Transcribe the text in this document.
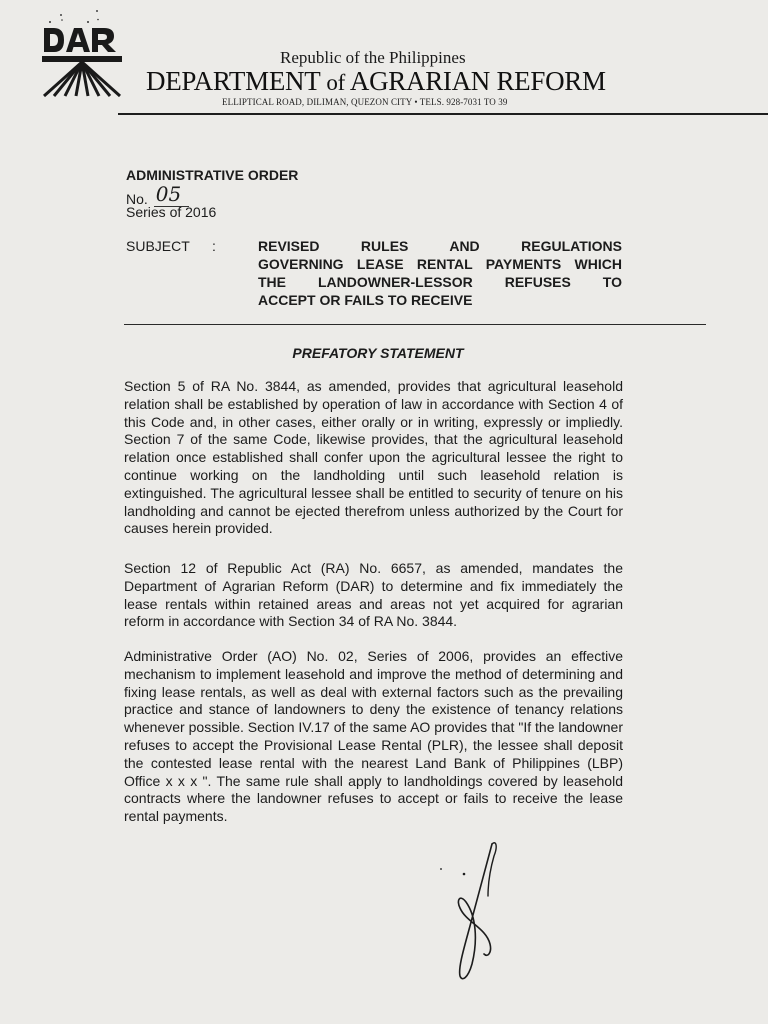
Republic of the Philippines
DEPARTMENT of AGRARIAN REFORM
ELLIPTICAL ROAD, DILIMAN, QUEZON CITY • TELS. 928-7031 TO 39
ADMINISTRATIVE ORDER
No. 05
Series of 2016
SUBJECT :	REVISED RULES AND REGULATIONS
GOVERNING LEASE RENTAL PAYMENTS WHICH
THE LANDOWNER-LESSOR REFUSES TO
ACCEPT OR FAILS TO RECEIVE
PREFATORY STATEMENT

Section 5 of RA No. 3844, as amended, provides that agricultural leasehold relation shall be established by operation of law in accordance with Section 4 of this Code and, in other cases, either orally or in writing, expressly or impliedly. Section 7 of the same Code, likewise provides, that the agricultural leasehold relation once established shall confer upon the agricultural lessee the right to continue working on the landholding until such leasehold relation is extinguished. The agricultural lessee shall be entitled to security of tenure on his landholding and cannot be ejected therefrom unless authorized by the Court for causes herein provided.

Section 12 of Republic Act (RA) No. 6657, as amended, mandates the Department of Agrarian Reform (DAR) to determine and fix immediately the lease rentals within retained areas and areas not yet acquired for agrarian reform in accordance with Section 34 of RA No. 3844.

Administrative Order (AO) No. 02, Series of 2006, provides an effective mechanism to implement leasehold and improve the method of determining and fixing lease rentals, as well as deal with external factors such as the prevailing practice and stance of landowners to deny the existence of tenancy relations whenever possible. Section IV.17 of the same AO provides that "If the landowner refuses to accept the Provisional Lease Rental (PLR), the lessee shall deposit the contested lease rental with the nearest Land Bank of Philippines (LBP) Office x x x ". The same rule shall apply to landholdings covered by leasehold contracts where the landowner refuses to accept or fails to receive the lease rental payments.
